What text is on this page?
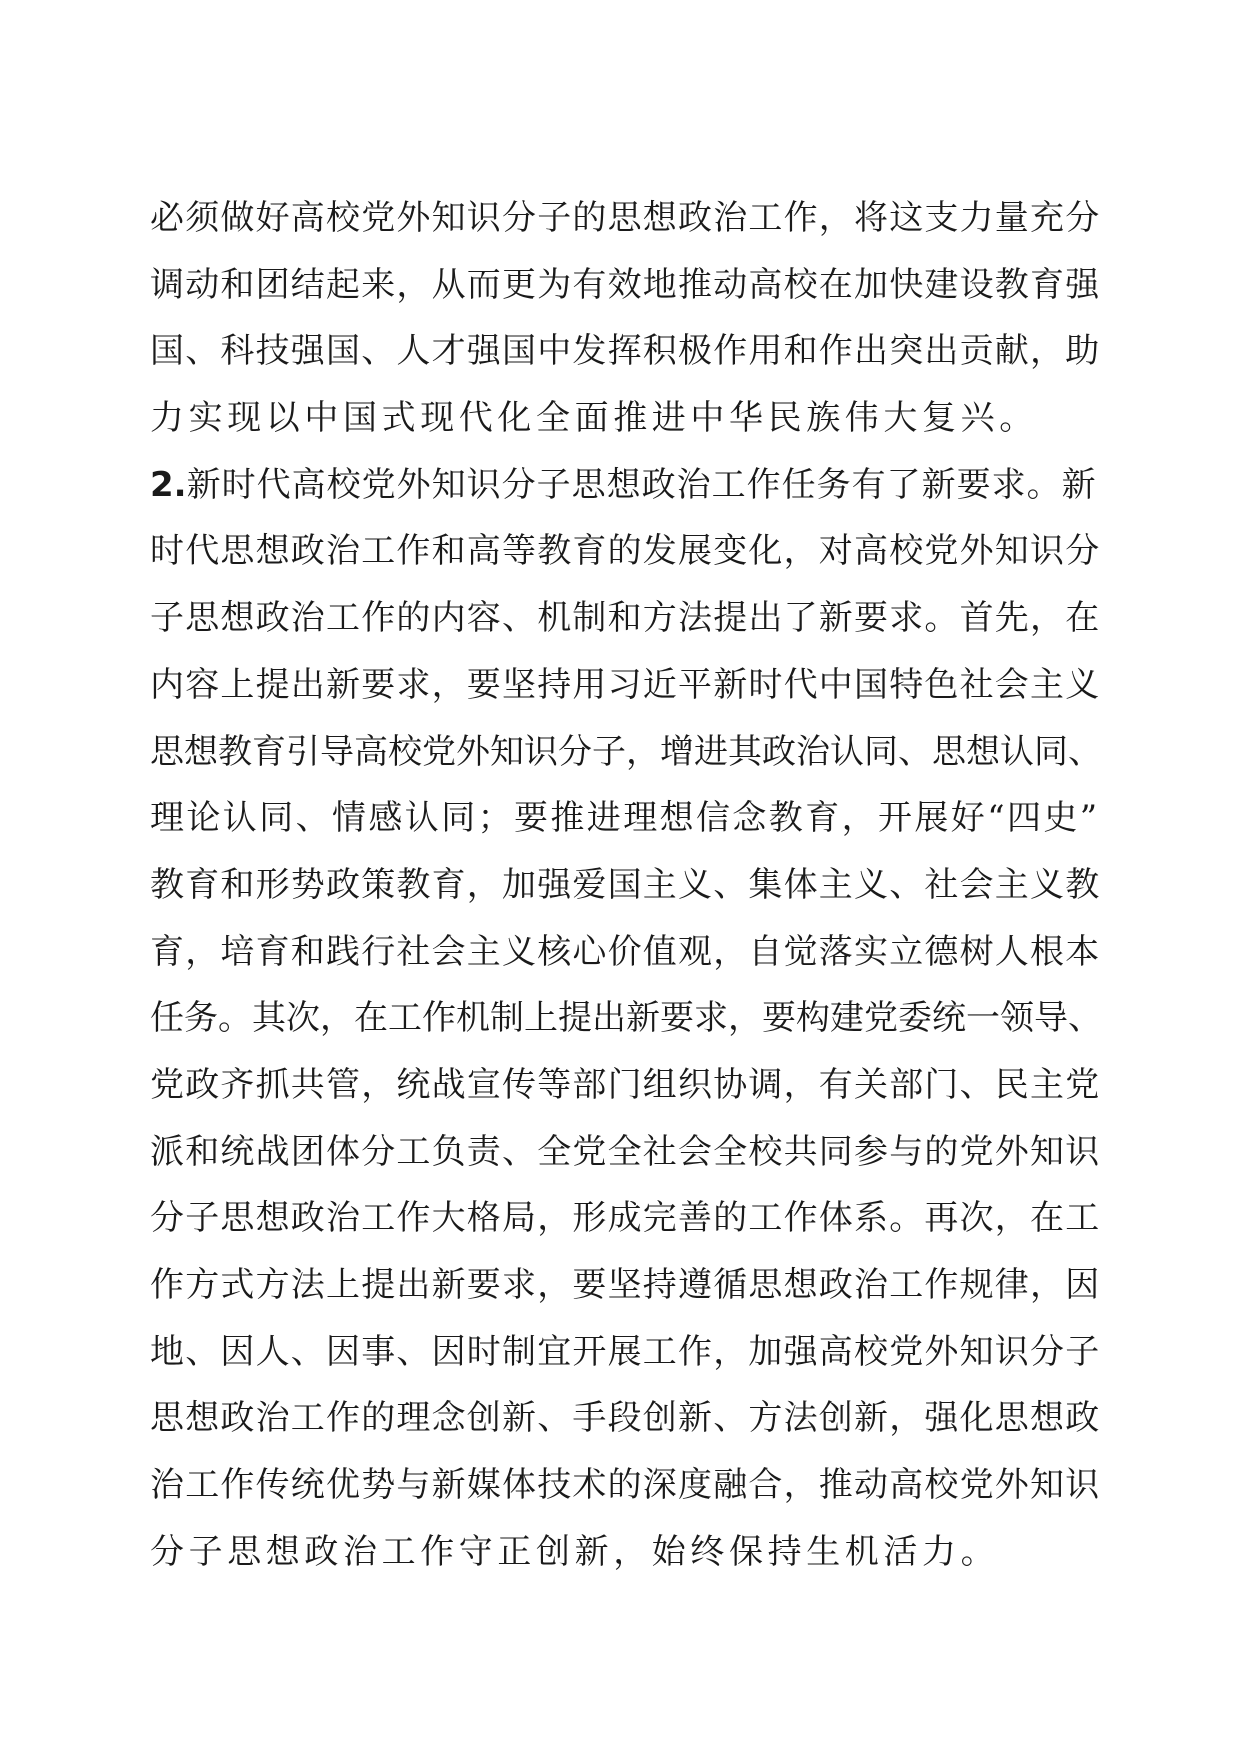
必须做好高校党外知识分子的思想政治工作，将这支力量充分
调动和团结起来，从而更为有效地推动高校在加快建设教育强
国、科技强国、人才强国中发挥积极作用和作出突出贡献，助
力实现以中国式现代化全面推进中华民族伟大复兴。
2.新时代高校党外知识分子思想政治工作任务有了新要求。新
时代思想政治工作和高等教育的发展变化，对高校党外知识分
子思想政治工作的内容、机制和方法提出了新要求。首先，在
内容上提出新要求，要坚持用习近平新时代中国特色社会主义
思想教育引导高校党外知识分子，增进其政治认同、思想认同、
理论认同、情感认同；要推进理想信念教育，开展好“四史”
教育和形势政策教育，加强爱国主义、集体主义、社会主义教
育，培育和践行社会主义核心价值观，自觉落实立德树人根本
任务。其次，在工作机制上提出新要求，要构建党委统一领导、
党政齐抓共管，统战宣传等部门组织协调，有关部门、民主党
派和统战团体分工负责、全党全社会全校共同参与的党外知识
分子思想政治工作大格局，形成完善的工作体系。再次，在工
作方式方法上提出新要求，要坚持遵循思想政治工作规律，因
地、因人、因事、因时制宜开展工作，加强高校党外知识分子
思想政治工作的理念创新、手段创新、方法创新，强化思想政
治工作传统优势与新媒体技术的深度融合，推动高校党外知识
分子思想政治工作守正创新，始终保持生机活力。
